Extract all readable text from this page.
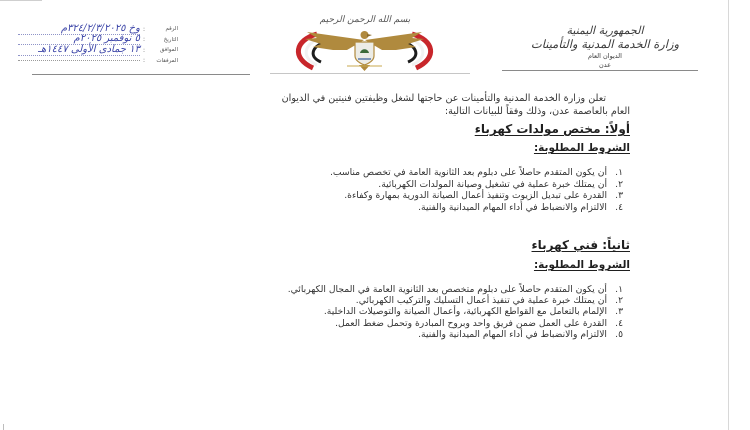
الجمهورية اليمنية
وزارة الخدمة المدنية والتأمينات
الديوان العام
عدن
بسم الله الرحمن الرحيم
الرقم
:
وخ ٣٢٤/٢/٣/٢٠٢٥م
التاريخ
:
٥ نوفمبر ٢٠٢٥م
الموافق
:
١٣ جمادى الأولى ١٤٤٧هـ
المرفقات
:
تعلن وزارة الخدمة المدنية والتأمينات عن حاجتها لشغل وظيفتين فنيتين في الديوان
العام بالعاصمة عدن، وذلك وفقاً للبيانات التالية:
أولاً: مختص مولدات كهرباء
الشروط المطلوبة:
١.
أن يكون المتقدم حاصلاً على دبلوم بعد الثانوية العامة في تخصص مناسب.
٢.
أن يمتلك خبرة عملية في تشغيل وصيانة المولدات الكهربائية.
٣.
القدرة على تبديل الزيوت وتنفيذ أعمال الصيانة الدورية بمهارة وكفاءة.
٤.
الالتزام والانضباط في أداء المهام الميدانية والفنية.
ثانياً: فني كهرباء
الشروط المطلوبة:
١.
أن يكون المتقدم حاصلاً على دبلوم متخصص بعد الثانوية العامة في المجال الكهربائي.
٢.
أن يمتلك خبرة عملية في تنفيذ أعمال التسليك والتركيب الكهربائي.
٣.
الإلمام بالتعامل مع القواطع الكهربائية، وأعمال الصيانة والتوصيلات الداخلية.
٤.
القدرة على العمل ضمن فريق واحد وبروح المبادرة وتحمل ضغط العمل.
٥.
الالتزام والانضباط في أداء المهام الميدانية والفنية.
